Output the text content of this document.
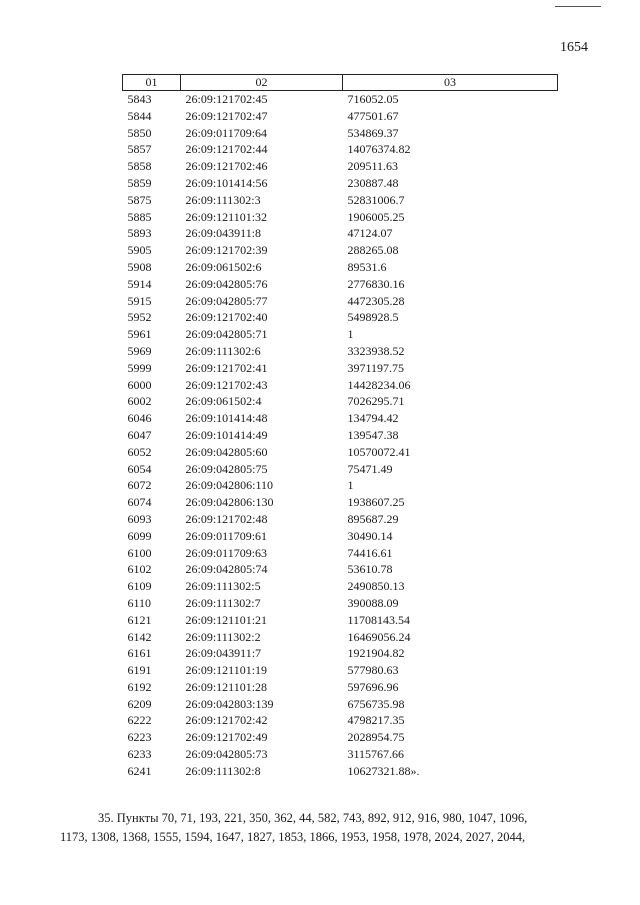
1654
01	02	03
5843	26:09:121702:45	716052.05
5844	26:09:121702:47	477501.67
5850	26:09:011709:64	534869.37
5857	26:09:121702:44	14076374.82
5858	26:09:121702:46	209511.63
5859	26:09:101414:56	230887.48
5875	26:09:111302:3	52831006.7
5885	26:09:121101:32	1906005.25
5893	26:09:043911:8	47124.07
5905	26:09:121702:39	288265.08
5908	26:09:061502:6	89531.6
5914	26:09:042805:76	2776830.16
5915	26:09:042805:77	4472305.28
5952	26:09:121702:40	5498928.5
5961	26:09:042805:71	1
5969	26:09:111302:6	3323938.52
5999	26:09:121702:41	3971197.75
6000	26:09:121702:43	14428234.06
6002	26:09:061502:4	7026295.71
6046	26:09:101414:48	134794.42
6047	26:09:101414:49	139547.38
6052	26:09:042805:60	10570072.41
6054	26:09:042805:75	75471.49
6072	26:09:042806:110	1
6074	26:09:042806:130	1938607.25
6093	26:09:121702:48	895687.29
6099	26:09:011709:61	30490.14
6100	26:09:011709:63	74416.61
6102	26:09:042805:74	53610.78
6109	26:09:111302:5	2490850.13
6110	26:09:111302:7	390088.09
6121	26:09:121101:21	11708143.54
6142	26:09:111302:2	16469056.24
6161	26:09:043911:7	1921904.82
6191	26:09:121101:19	577980.63
6192	26:09:121101:28	597696.96
6209	26:09:042803:139	6756735.98
6222	26:09:121702:42	4798217.35
6223	26:09:121702:49	2028954.75
6233	26:09:042805:73	3115767.66
6241	26:09:111302:8	10627321.88».
35. Пункты 70, 71, 193, 221, 350, 362, 44, 582, 743, 892, 912, 916, 980, 1047, 1096,
1173, 1308, 1368, 1555, 1594, 1647, 1827, 1853, 1866, 1953, 1958, 1978, 2024, 2027, 2044,
